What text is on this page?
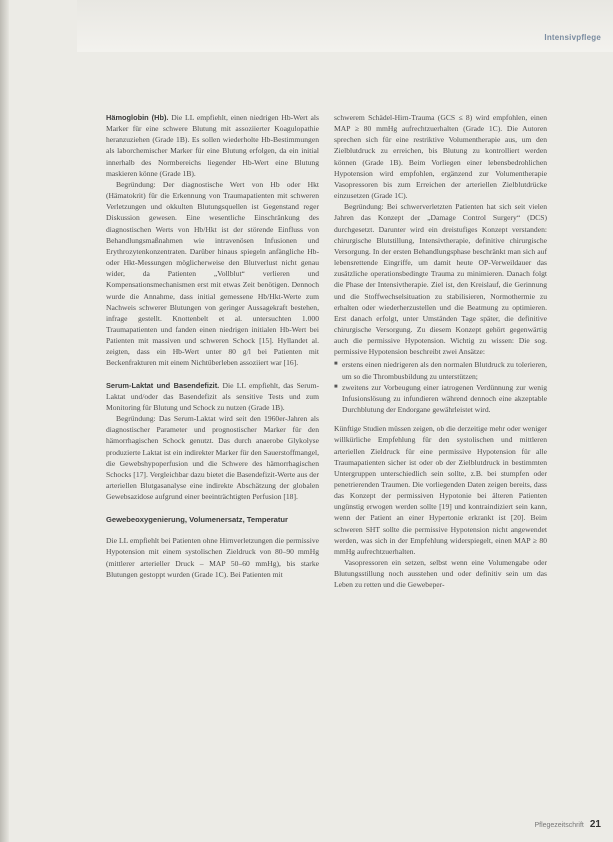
Intensivpflege

Hämoglobin (Hb). Die LL empfiehlt, einen niedrigen Hb-Wert als Marker für eine schwere Blutung mit assoziierter Koagulopathie heranzuziehen (Grade 1B). Es sollen wiederholte Hb-Bestimmungen als laborchemischer Marker für eine Blutung erfolgen, da ein initial innerhalb des Normbereichs liegender Hb-Wert eine Blutung maskieren könne (Grade 1B).

Begründung: Der diagnostische Wert von Hb oder Hkt (Hämatokrit) für die Erkennung von Traumapatienten mit schweren Verletzungen und okkulten Blutungsquellen ist Gegenstand reger Diskussion gewesen. Eine wesentliche Einschränkung des diagnostischen Werts von Hb/Hkt ist der störende Einfluss von Behandlungsmaßnahmen wie intravenösen Infusionen und Erythrozytenkonzentraten. Darüber hinaus spiegeln anfängliche Hb- oder Hkt-Messungen möglicherweise den Blutverlust nicht genau wider, da Patienten „Vollblut“ verlieren und Kompensationsmechanismen erst mit etwas Zeit benötigen. Dennoch wurde die Annahme, dass initial gemessene Hb/Hkt-Werte zum Nachweis schwerer Blutungen von geringer Aussagekraft bestehen, infrage gestellt. Knottenbelt et al. untersuchten 1.000 Traumapatienten und fanden einen niedrigen initialen Hb-Wert bei Patienten mit massiven und schweren Schock [15]. Hyllandet al. zeigten, dass ein Hb-Wert unter 80 g/l bei Patienten mit Beckenfrakturen mit einem Nichtüberleben assoziiert war [16].

Serum-Laktat und Basendefizit. Die LL empfiehlt, das Serum-Laktat und/oder das Basendefizit als sensitive Tests und zum Monitoring für Blutung und Schock zu nutzen (Grade 1B).

Begründung: Das Serum-Laktat wird seit den 1960er-Jahren als diagnostischer Parameter und prognostischer Marker für den hämorrhagischen Schock genutzt. Das durch anaerobe Glykolyse produzierte Laktat ist ein indirekter Marker für den Sauerstoffmangel, die Gewebshypoperfusion und die Schwere des hämorrhagischen Schocks [17]. Vergleichbar dazu bietet die Basendefizit-Werte aus der arteriellen Blutgasanalyse eine indirekte Abschätzung der globalen Gewebsazidose aufgrund einer beeinträchtigten Perfusion [18].

Gewebeoxygenierung, Volumenersatz, Temperatur

Die LL empfiehlt bei Patienten ohne Hirnverletzungen die permissive Hypotension mit einem systolischen Zieldruck von 80–90 mmHg (mittlerer arterieller Druck – MAP 50–60 mmHg), bis starke Blutungen gestoppt wurden (Grade 1C). Bei Patienten mit

schwerem Schädel-Hirn-Trauma (GCS ≤ 8) wird empfohlen, einen MAP ≥ 80 mmHg aufrechtzuerhalten (Grade 1C). Die Autoren sprechen sich für eine restriktive Volumentherapie aus, um den Zielblutdruck zu erreichen, bis Blutung zu kontrolliert werden können (Grade 1B). Beim Vorliegen einer lebensbedrohlichen Hypotension wird empfohlen, ergänzend zur Volumentherapie Vasopressoren bis zum Erreichen der arteriellen Zielblutdrücke einzusetzen (Grade 1C).

Begründung: Bei schwerverletzten Patienten hat sich seit vielen Jahren das Konzept der „Damage Control Surgery“ (DCS) durchgesetzt. Darunter wird ein dreistufiges Konzept verstanden: chirurgische Blutstillung, Intensivtherapie, definitive chirurgische Versorgung. In der ersten Behandlungsphase beschränkt man sich auf lebensrettende Eingriffe, um damit heute OP-Verweildauer das zusätzliche operationsbedingte Trauma zu minimieren. Danach folgt die Phase der Intensivtherapie. Ziel ist, den Kreislauf, die Gerinnung und die Stoffwechselsituation zu stabilisieren, Normothermie zu erhalten oder wiederherzustellen und die Beatmung zu optimieren. Erst danach erfolgt, unter Umständen Tage später, die definitive chirurgische Versorgung. Zu diesem Konzept gehört gegenwärtig auch die permissive Hypotension. Wichtig zu wissen: Die sog. permissive Hypotension beschreibt zwei Ansätze:

■ erstens einen niedrigeren als den normalen Blutdruck zu tolerieren, um so die Thrombusbildung zu unterstützen;
■ zweitens zur Vorbeugung einer iatrogenen Verdünnung zur wenig Infusionslösung zu infundieren während dennoch eine akzeptable Durchblutung der Endorgane gewährleistet wird.

Künftige Studien müssen zeigen, ob die derzeitige mehr oder weniger willkürliche Empfehlung für den systolischen und mittleren arteriellen Zieldruck für eine permissive Hypotension für alle Traumapatienten sicher ist oder ob der Zielblutdruck in bestimmten Untergruppen unterschiedlich sein sollte, z.B. bei stumpfen oder penetrierenden Traumen. Die vorliegenden Daten zeigen bereits, dass das Konzept der permissiven Hypotonie bei älteren Patienten ungünstig erwogen werden sollte [19] und kontraindiziert sein kann, wenn der Patient an einer Hypertonie erkrankt ist [20]. Beim schweren SHT sollte die permissive Hypotension nicht angewendet werden, was sich in der Empfehlung widerspiegelt, einen MAP ≥ 80 mmHg aufrechtzuerhalten.

Vasopressoren ein setzen, selbst wenn eine Volumengabe oder Blutungsstillung noch ausstehen und oder definitiv sein um das Leben zu retten und die Gewebeper-

Pflegezeitschrift 21
